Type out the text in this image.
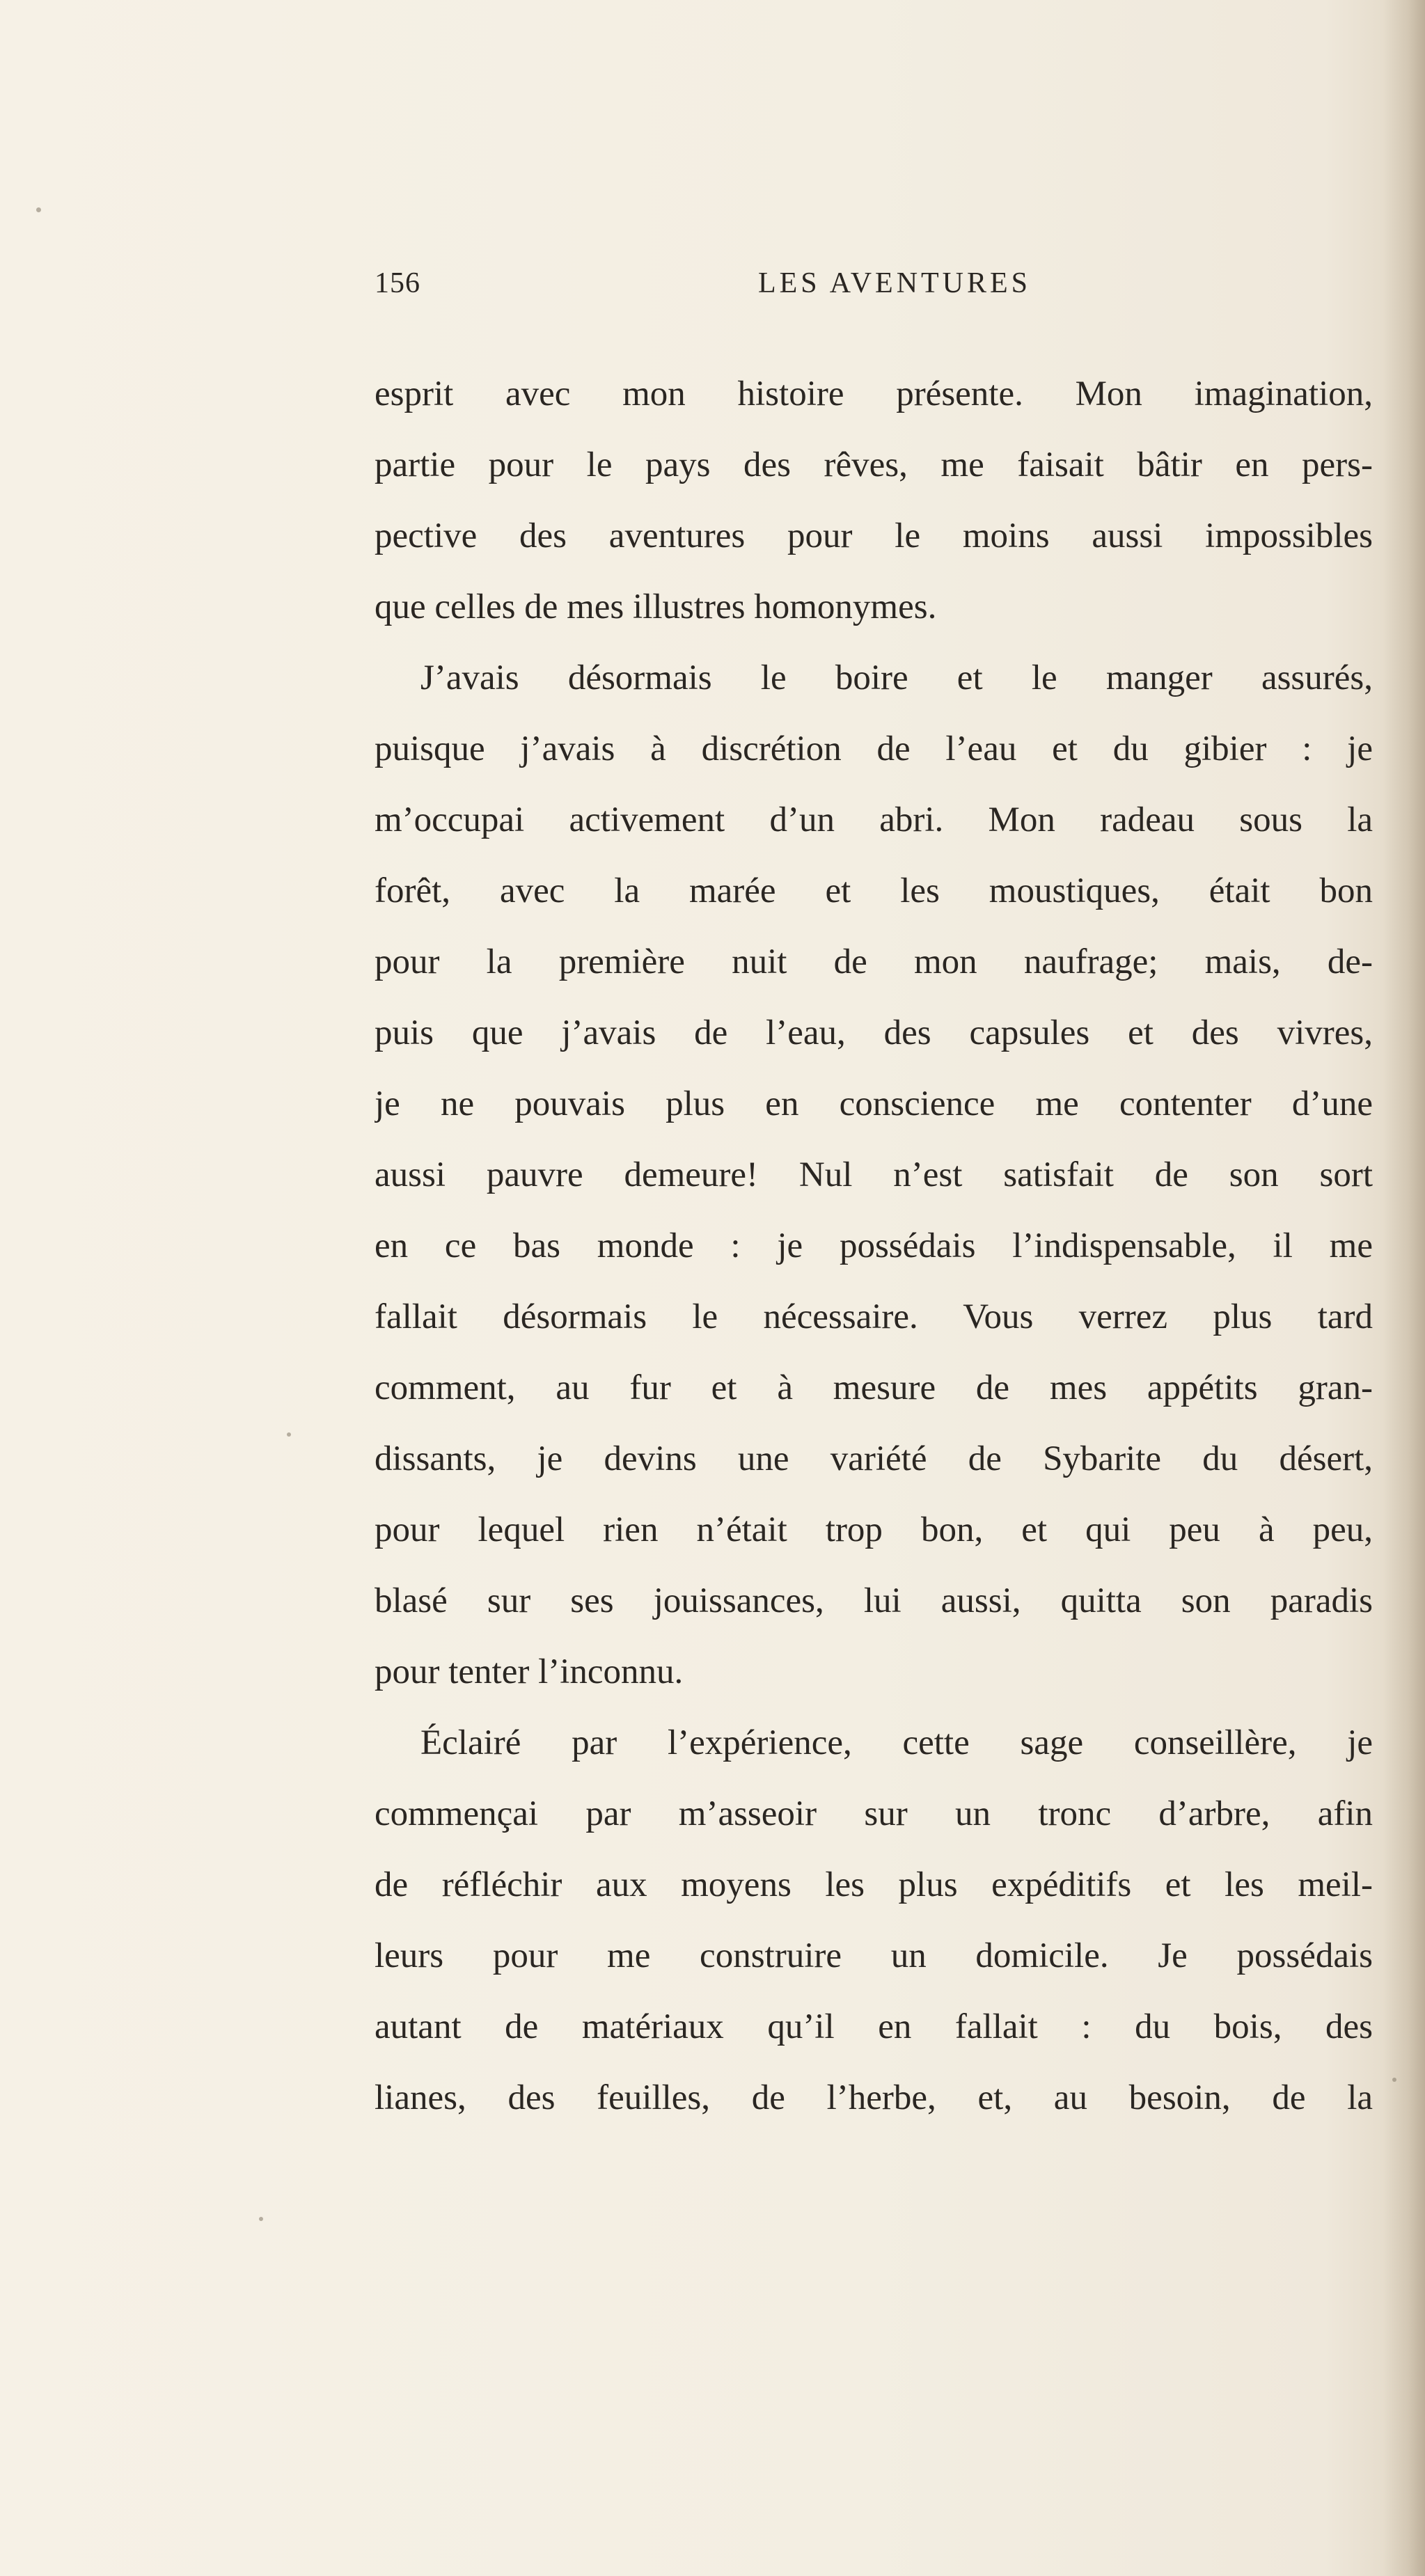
156	LES AVENTURES
esprit avec mon histoire présente. Mon imagination,
partie pour le pays des rêves, me faisait bâtir en pers-
pective des aventures pour le moins aussi impossibles
que celles de mes illustres homonymes.
J’avais désormais le boire et le manger assurés,
puisque j’avais à discrétion de l’eau et du gibier : je
m’occupai activement d’un abri. Mon radeau sous la
forêt, avec la marée et les moustiques, était bon
pour la première nuit de mon naufrage; mais, de-
puis que j’avais de l’eau, des capsules et des vivres,
je ne pouvais plus en conscience me contenter d’une
aussi pauvre demeure! Nul n’est satisfait de son sort
en ce bas monde : je possédais l’indispensable, il me
fallait désormais le nécessaire. Vous verrez plus tard
comment, au fur et à mesure de mes appétits gran-
dissants, je devins une variété de Sybarite du désert,
pour lequel rien n’était trop bon, et qui peu à peu,
blasé sur ses jouissances, lui aussi, quitta son paradis
pour tenter l’inconnu.
Éclairé par l’expérience, cette sage conseillère, je
commençai par m’asseoir sur un tronc d’arbre, afin
de réfléchir aux moyens les plus expéditifs et les meil-
leurs pour me construire un domicile. Je possédais
autant de matériaux qu’il en fallait : du bois, des
lianes, des feuilles, de l’herbe, et, au besoin, de la
